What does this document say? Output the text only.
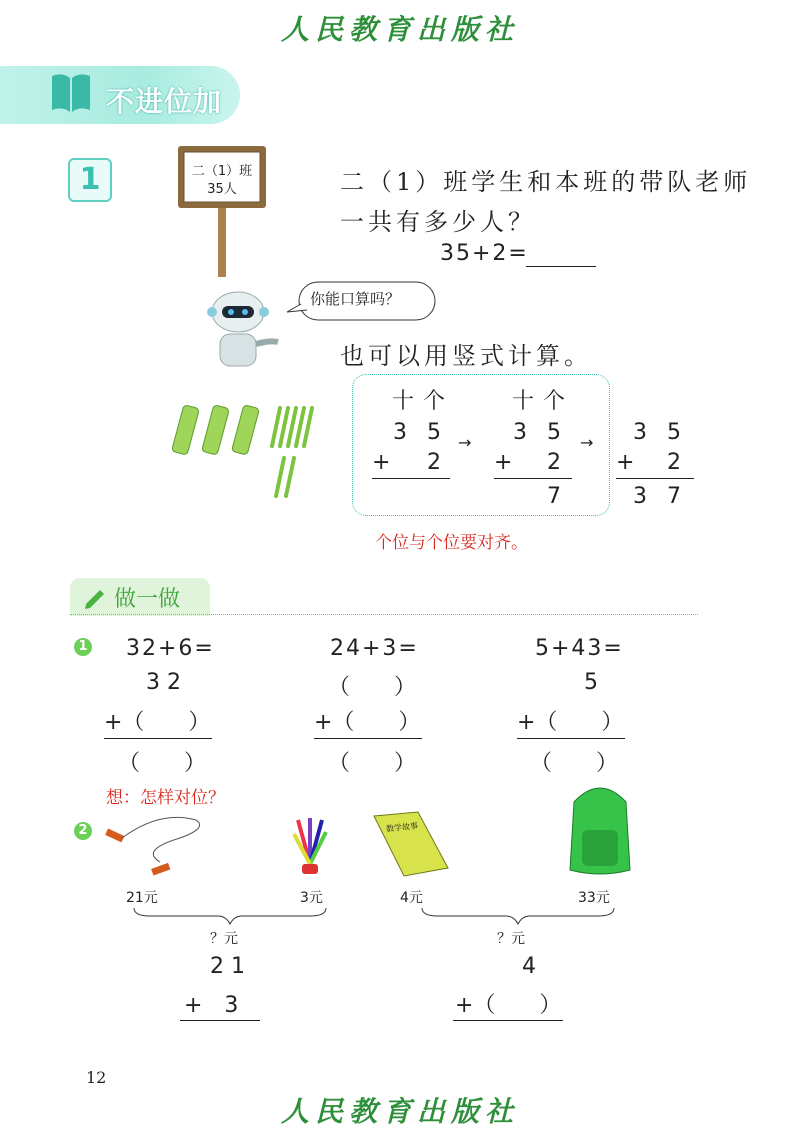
人民教育出版社
不进位加
1	二（1）班
35人	二（1）班学生和本班的带队老师
一共有多少人？
35+2=
你能口算吗？
也可以用竖式计算。
十 个
3 5
+ 2
→
十 个
3 5
+ 2
7
→ 3 5
+ 2
3 7
个位与个位要对齐。
做一做
1 32+6=
3 2
+（　　）
（　　）
24+3=
（　　）
+（　　）
（　　）
5+43=
5
+（　　）
（　　）
想：怎样对位？
2	数学故事
21元	3元	4元	33元
？元	？元
2 1
+　3
4
+（　　）
12
人民教育出版社
